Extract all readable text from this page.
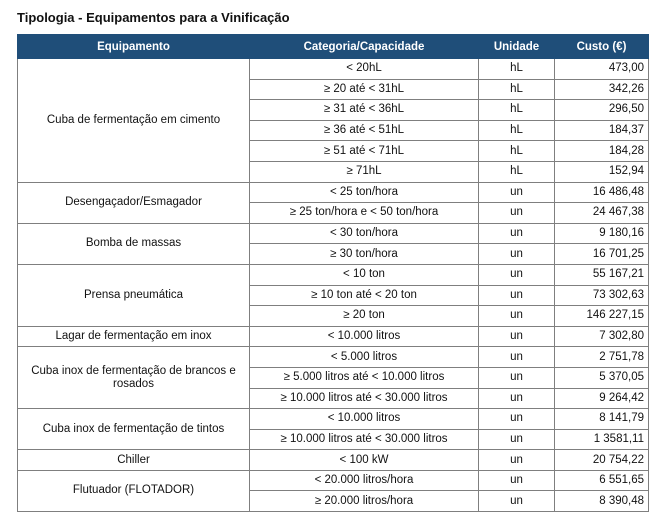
Tipologia - Equipamentos para a Vinificação
Equipamento	Categoria/Capacidade	Unidade	Custo (€)
Cuba de fermentação em cimento	< 20hL	hL	473,00
	≥ 20 até < 31hL	hL	342,26
	≥ 31 até < 36hL	hL	296,50
	≥ 36 até < 51hL	hL	184,37
	≥ 51 até < 71hL	hL	184,28
	≥ 71hL	hL	152,94
Desengaçador/Esmagador	< 25 ton/hora	un	16 486,48
	≥ 25 ton/hora e < 50 ton/hora	un	24 467,38
Bomba de massas	< 30 ton/hora	un	9 180,16
	≥ 30 ton/hora	un	16 701,25
Prensa pneumática	< 10 ton	un	55 167,21
	≥ 10 ton até < 20 ton	un	73 302,63
	≥ 20 ton	un	146 227,15
Lagar de fermentação em inox	< 10.000 litros	un	7 302,80
Cuba inox de fermentação de brancos e rosados	< 5.000 litros	un	2 751,78
	≥ 5.000 litros até < 10.000 litros	un	5 370,05
	≥ 10.000 litros até < 30.000 litros	un	9 264,42
Cuba inox de fermentação de tintos	< 10.000 litros	un	8 141,79
	≥ 10.000 litros até < 30.000 litros	un	1 3581,11
Chiller	< 100 kW	un	20 754,22
Flutuador (FLOTADOR)	< 20.000 litros/hora	un	6 551,65
	≥ 20.000 litros/hora	un	8 390,48
